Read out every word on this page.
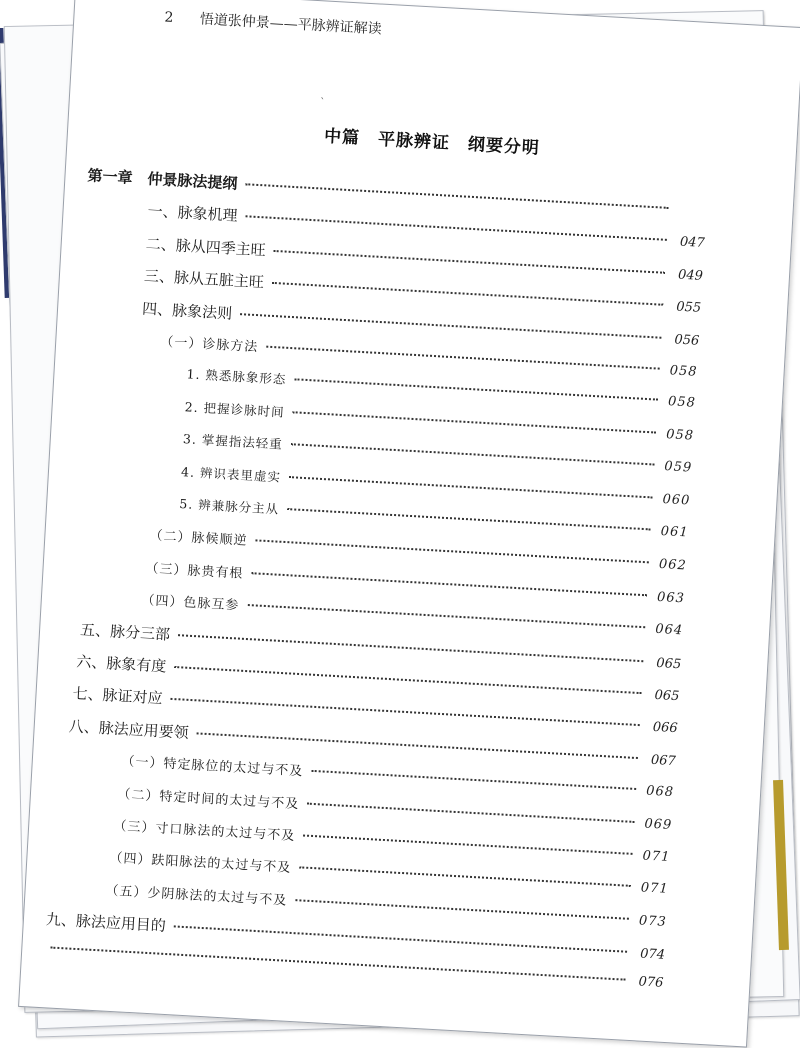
2 悟道张仲景——平脉辨证解读
ˋ
中篇　平脉辨证　纲要分明
第一章　仲景脉法提纲
一、脉象机理
047
二、脉从四季主旺
049
三、脉从五脏主旺
055
四、脉象法则
056
（一）诊脉方法
058
1. 熟悉脉象形态
058
2. 把握诊脉时间
058
3. 掌握指法轻重
059
4. 辨识表里虚实
060
5. 辨兼脉分主从
061
（二）脉候顺逆
062
（三）脉贵有根
063
（四）色脉互参
064
五、脉分三部
065
六、脉象有度
065
七、脉证对应
066
八、脉法应用要领
067
（一）特定脉位的太过与不及
068
（二）特定时间的太过与不及
069
（三）寸口脉法的太过与不及
071
（四）趺阳脉法的太过与不及
071
（五）少阴脉法的太过与不及
073
九、脉法应用目的
074
076
